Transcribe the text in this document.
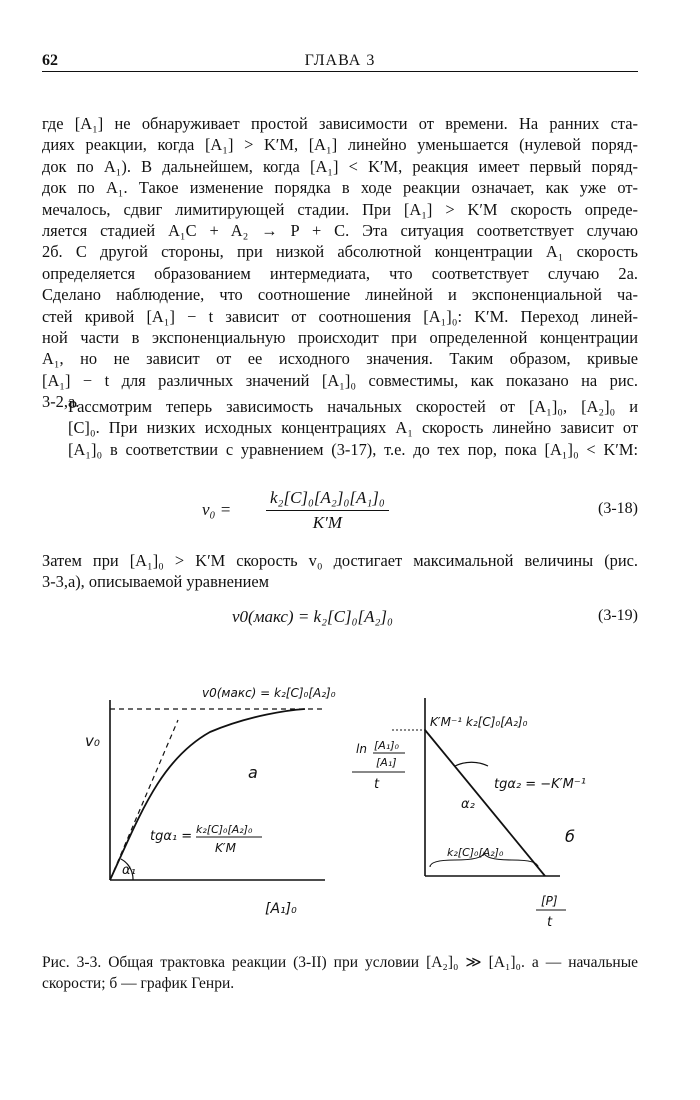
62	ГЛАВА 3
где [A₁] не обнаруживает простой зависимости от времени. На ранних ста-
диях реакции, когда [A₁] > K′M, [A₁] линейно уменьшается (нулевой поряд-
док по A₁). В дальнейшем, когда [A₁] < K′M, реакция имеет первый поряд-
док по A₁. Такое изменение порядка в ходе реакции означает, как уже от-
мечалось, сдвиг лимитирующей стадии. При [A₁] > K′M скорость опреде-
ляется стадией A₁C + A₂ → P + C. Эта ситуация соответствует случаю
2б. С другой стороны, при низкой абсолютной концентрации A₁ скорость
определяется образованием интермедиата, что соответствует случаю 2a.
Сделано наблюдение, что соотношение линейной и экспоненциальной ча-
стей кривой [A₁] − t зависит от соотношения [A₁]₀: K′M. Переход линей-
ной части в экспоненциальную происходит при определенной концентрации
A₁, но не зависит от ее исходного значения. Таким образом, кривые
[A₁] − t для различных значений [A₁]₀ совместимы, как показано на рис.
3-2,a.
Рассмотрим теперь зависимость начальных скоростей от [A₁]₀, [A₂]₀ и
[C]₀. При низких исходных концентрациях A₁ скорость линейно зависит от
[A₁]₀ в соответствии с уравнением (3-17), т.е. до тех пор, пока [A₁]₀ < K′M:
$v_0 = \frac{\text{k₂[C]₀[A₂]₀[A₁]₀}}{K'M}$	(3-18)
Затем при [A₁]₀ > K′M скорость v₀ достигает максимальной величины (рис.
3-3,a), описываемой уравнением
v0(макс) = k₂[C]₀[A₂]₀	(3-19)
v₀
[A₁]₀
v0(макс) = k₂[C]₀[A₂]₀
tgα₁ = k₂[C]₀[A₂]₀
K′M
α₁
a
ln [A₁]₀
[A₁]
t
K′M⁻¹ k₂[C]₀[A₂]₀
tgα₂ = −K′M⁻¹
α₂
k₂[C]₀[A₂]₀
б
[P]
t
Рис. 3-3. Общая трактовка реакции (3-II) при условии [A₂]₀ ≫ [A₁]₀. a — начальные
скорости; б — график Генри.
